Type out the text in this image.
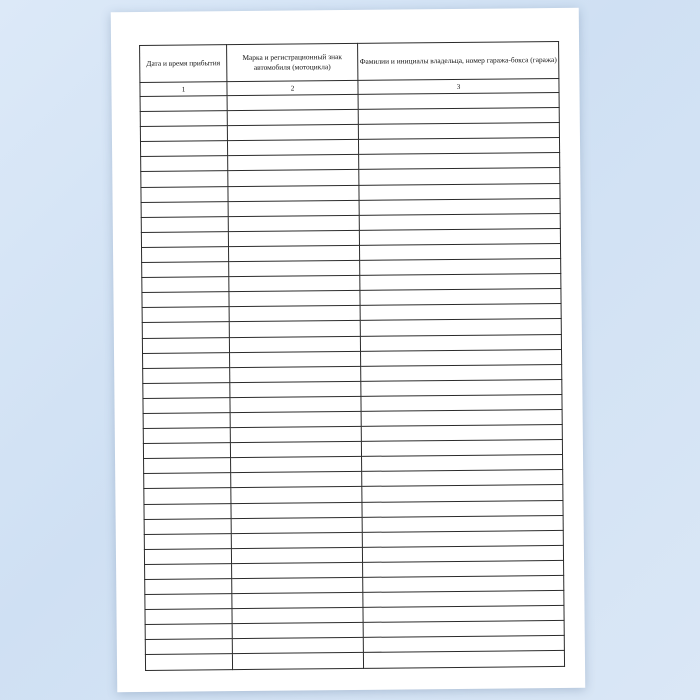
Дата и время прибытия	Марка и регистрационный знак автомобиля (мотоцикла)	Фамилии и инициалы владельца, номер гаража-бокса (гаража)
1	2	3
